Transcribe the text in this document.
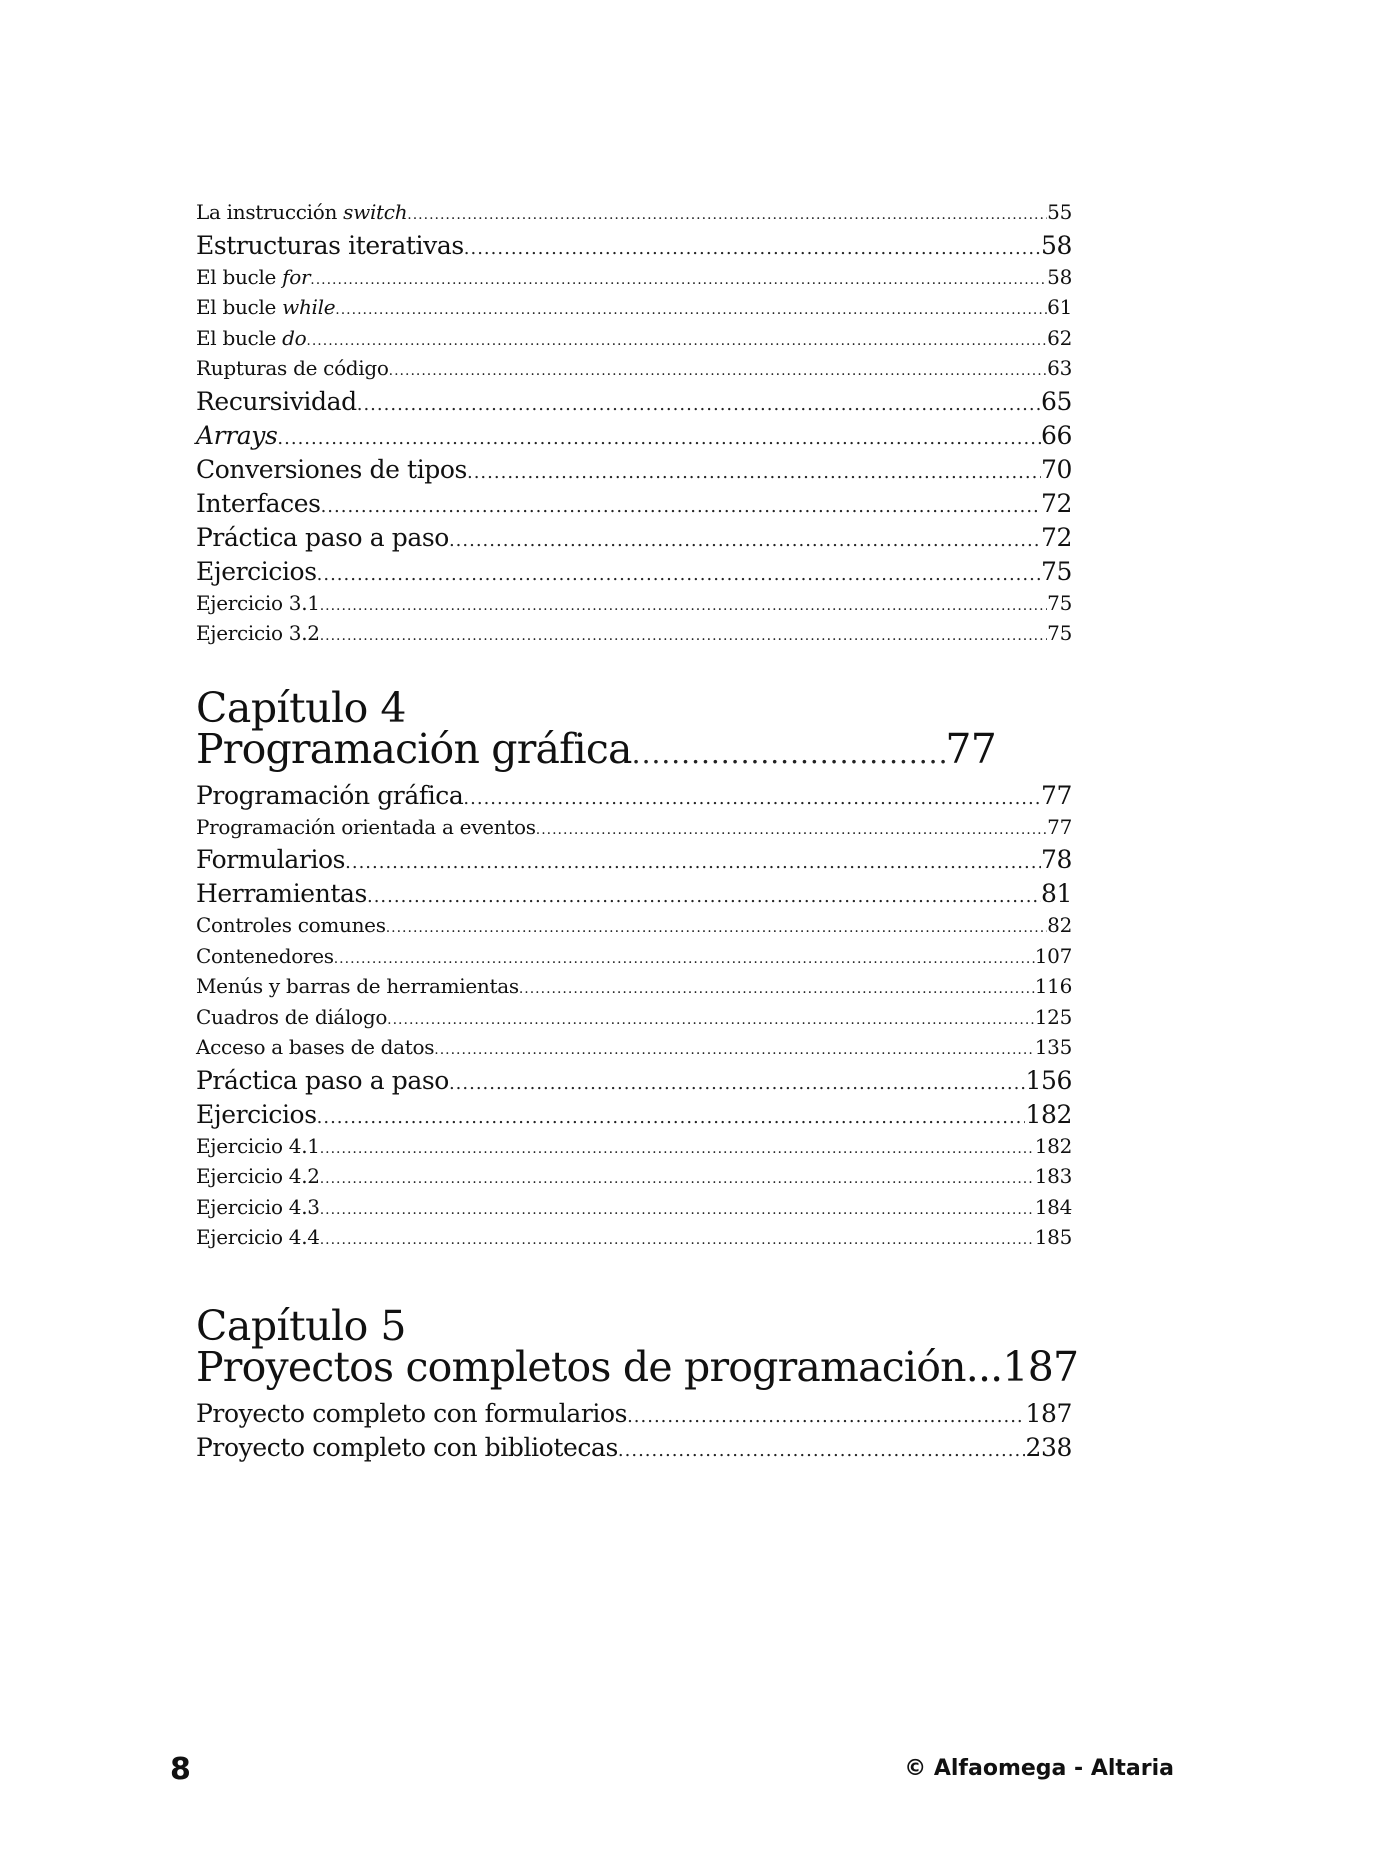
La instrucción switch .....	55
Estructuras iterativas .....	58
El bucle for .....	58
El bucle while .....	61
El bucle do .....	62
Rupturas de código .....	63
Recursividad .....	65
Arrays .....	66
Conversiones de tipos .....	70
Interfaces .....	72
Práctica paso a paso .....	72
Ejercicios .....	75
Ejercicio 3.1 .....	75
Ejercicio 3.2 .....	75
Capítulo 4
Programación gráfica .....	77
Programación gráfica .....	77
Programación orientada a eventos .....	77
Formularios .....	78
Herramientas .....	81
Controles comunes .....	82
Contenedores .....	107
Menús y barras de herramientas .....	116
Cuadros de diálogo .....	125
Acceso a bases de datos .....	135
Práctica paso a paso .....	156
Ejercicios .....	182
Ejercicio 4.1 .....	182
Ejercicio 4.2 .....	183
Ejercicio 4.3 .....	184
Ejercicio 4.4 .....	185
Capítulo 5
Proyectos completos de programación... 187
Proyecto completo con formularios .....	187
Proyecto completo con bibliotecas .....	238
8	© Alfaomega - Altaria
